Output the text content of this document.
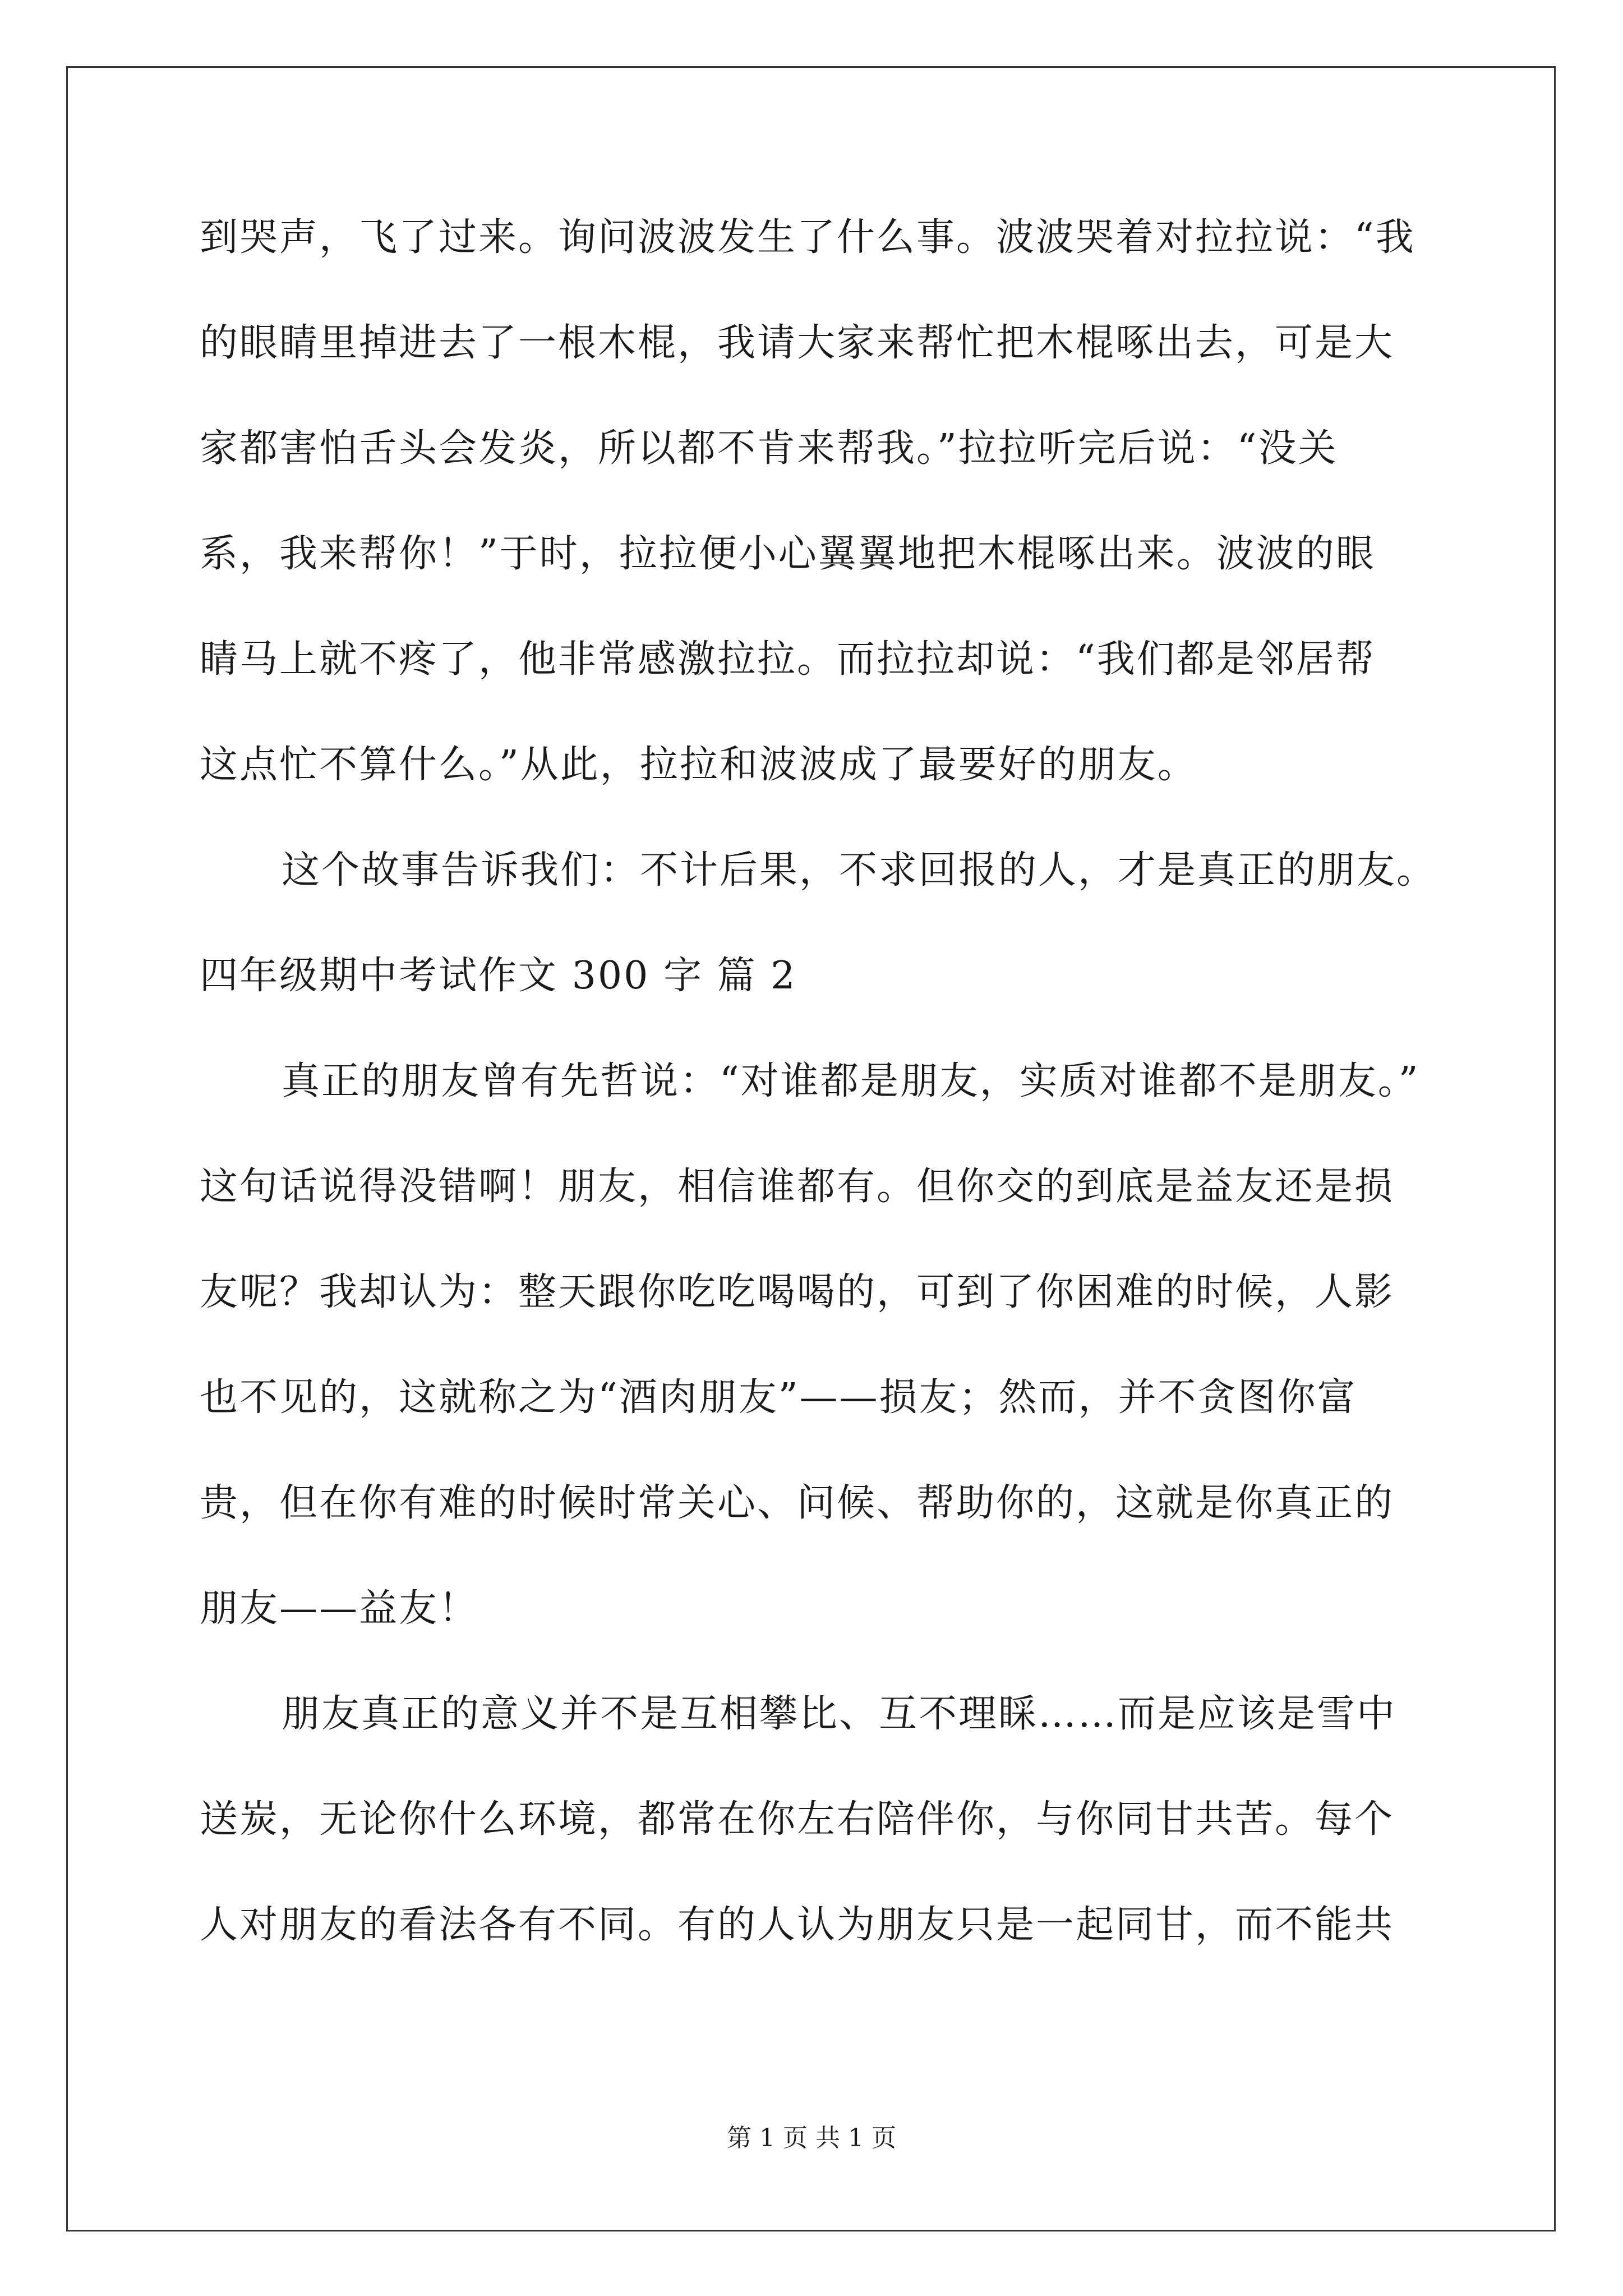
到哭声，飞了过来。询问波波发生了什么事。波波哭着对拉拉说：“我
的眼睛里掉进去了一根木棍，我请大家来帮忙把木棍啄出去，可是大
家都害怕舌头会发炎，所以都不肯来帮我。”拉拉听完后说：“没关
系，我来帮你！”于时，拉拉便小心翼翼地把木棍啄出来。波波的眼
睛马上就不疼了，他非常感激拉拉。而拉拉却说：“我们都是邻居帮
这点忙不算什么。”从此，拉拉和波波成了最要好的朋友。
这个故事告诉我们：不计后果，不求回报的人，才是真正的朋友。
四年级期中考试作文 300 字 篇 2
真正的朋友曾有先哲说：“对谁都是朋友，实质对谁都不是朋友。”
这句话说得没错啊！朋友，相信谁都有。但你交的到底是益友还是损
友呢？我却认为：整天跟你吃吃喝喝的，可到了你困难的时候，人影
也不见的，这就称之为“酒肉朋友”——损友；然而，并不贪图你富
贵，但在你有难的时候时常关心、问候、帮助你的，这就是你真正的
朋友——益友！
朋友真正的意义并不是互相攀比、互不理睬……而是应该是雪中
送炭，无论你什么环境，都常在你左右陪伴你，与你同甘共苦。每个
人对朋友的看法各有不同。有的人认为朋友只是一起同甘，而不能共
第 1 页 共 1 页
